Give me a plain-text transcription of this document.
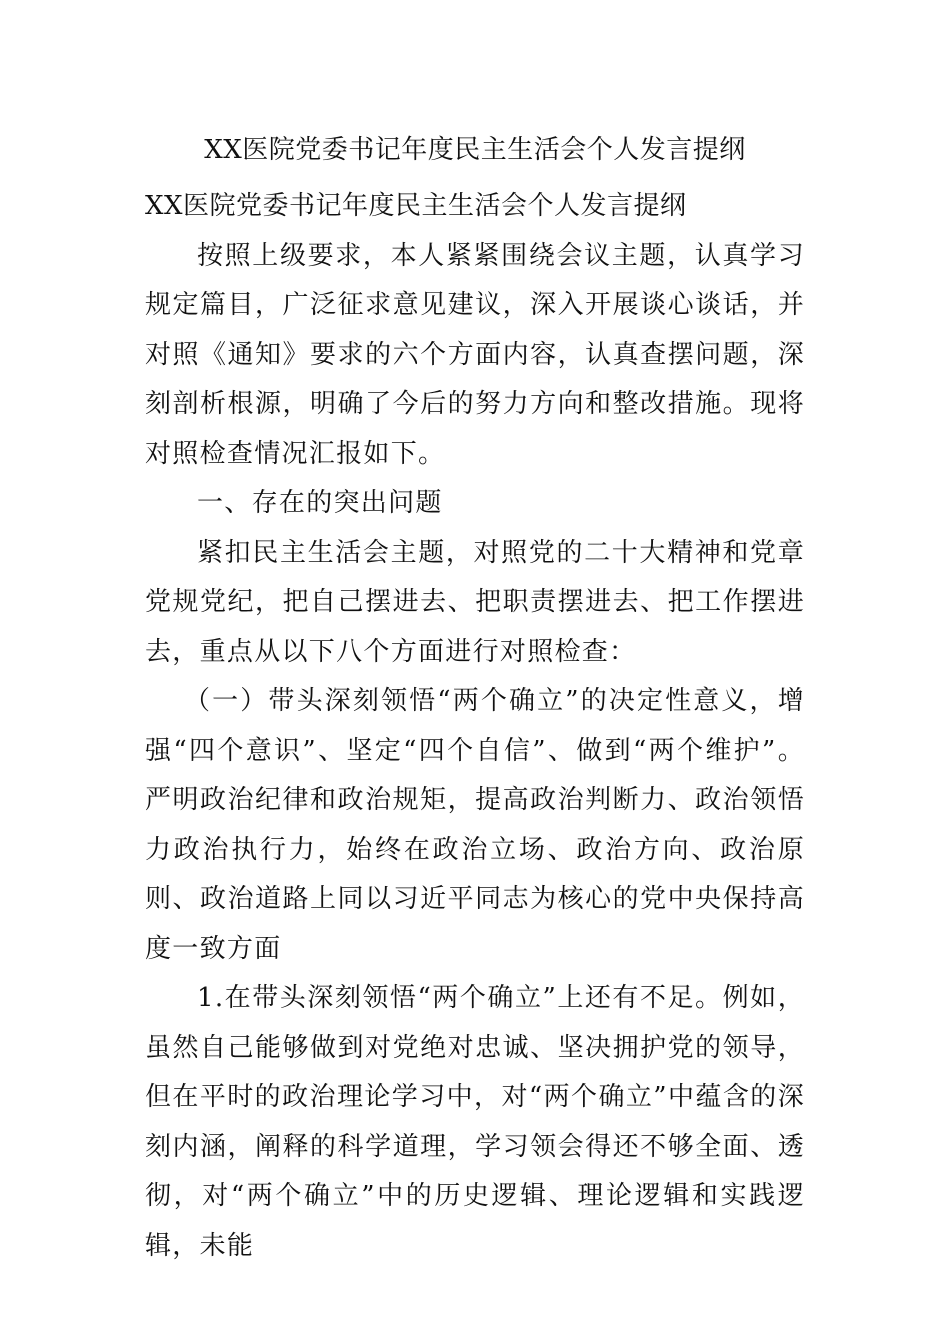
XX医院党委书记年度民主生活会个人发言提纲

XX医院党委书记年度民主生活会个人发言提纲

按照上级要求，本人紧紧围绕会议主题，认真学习规定篇目，广泛征求意见建议，深入开展谈心谈话，并对照《通知》要求的六个方面内容，认真查摆问题，深刻剖析根源，明确了今后的努力方向和整改措施。现将对照检查情况汇报如下。

一、存在的突出问题

紧扣民主生活会主题，对照党的二十大精神和党章党规党纪，把自己摆进去、把职责摆进去、把工作摆进去，重点从以下八个方面进行对照检查：

（一）带头深刻领悟“两个确立”的决定性意义，增强“四个意识”、坚定“四个自信”、做到“两个维护”。严明政治纪律和政治规矩，提高政治判断力、政治领悟力政治执行力，始终在政治立场、政治方向、政治原则、政治道路上同以习近平同志为核心的党中央保持高度一致方面

1.在带头深刻领悟“两个确立”上还有不足。例如，虽然自己能够做到对党绝对忠诚、坚决拥护党的领导，但在平时的政治理论学习中，对“两个确立”中蕴含的深刻内涵，阐释的科学道理，学习领会得还不够全面、透彻，对“两个确立”中的历史逻辑、理论逻辑和实践逻辑，未能
